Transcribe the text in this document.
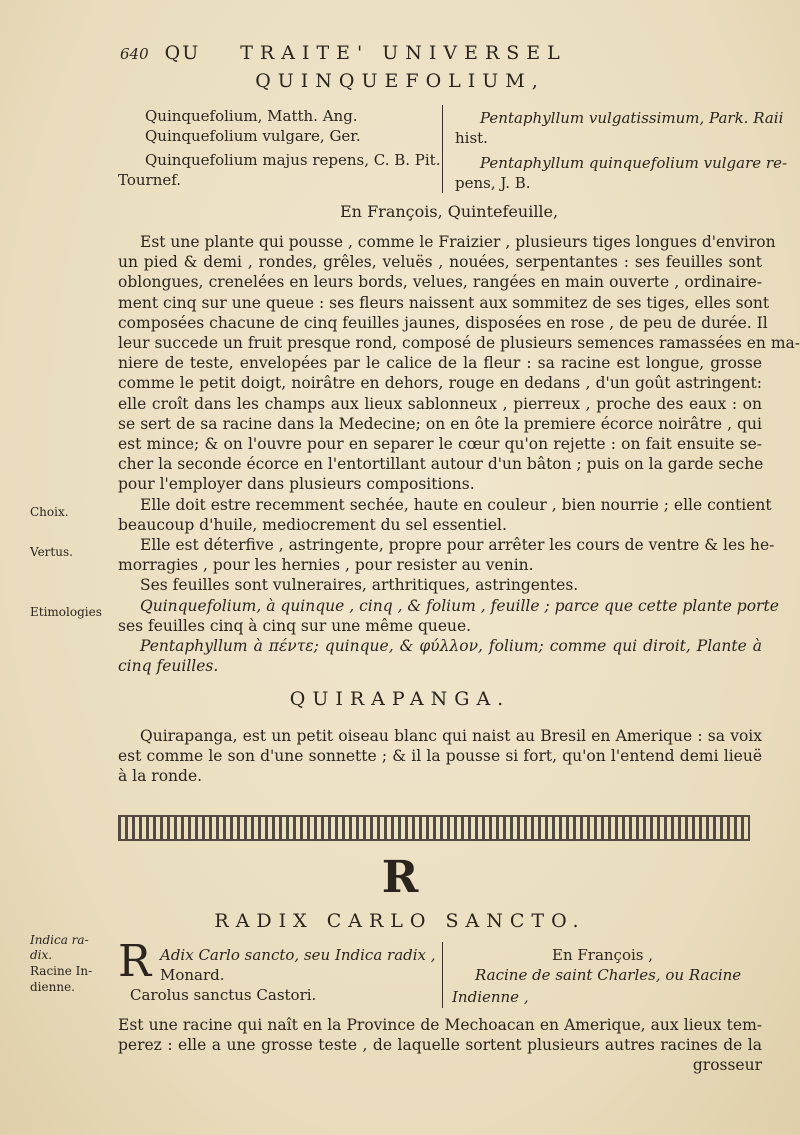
640 QU TRAITE' UNIVERSEL
QUINQUEFOLIUM,
Quinquefolium, Matth. Ang.
Quinquefolium vulgare, Ger.
Quinquefolium majus repens, C. B. Pit.
Tournef.
Pentaphyllum vulgatissimum, Park. Raii
hist.
Pentaphyllum quinquefolium vulgare re-
pens, J. B.
En François, Quintefeuille,
Est une plante qui pousse , comme le Fraizier , plusieurs tiges longues d'environ
un pied & demi , rondes, grêles, veluës , nouées, serpentantes : ses feuilles sont
oblongues, crenelées en leurs bords, velues, rangées en main ouverte , ordinaire-
ment cinq sur une queue : ses fleurs naissent aux sommitez de ses tiges, elles sont
composées chacune de cinq feuilles jaunes, disposées en rose , de peu de durée. Il
leur succede un fruit presque rond, composé de plusieurs semences ramassées en ma-
niere de teste, envelopées par le calice de la fleur : sa racine est longue, grosse
comme le petit doigt, noirâtre en dehors, rouge en dedans , d'un goût astringent:
elle croît dans les champs aux lieux sablonneux , pierreux , proche des eaux : on
se sert de sa racine dans la Medecine; on en ôte la premiere écorce noirâtre , qui
est mince; & on l'ouvre pour en separer le cœur qu'on rejette : on fait ensuite se-
cher la seconde écorce en l'entortillant autour d'un bâton ; puis on la garde seche
pour l'employer dans plusieurs compositions.
Elle doit estre recemment sechée, haute en couleur , bien nourrie ; elle contient
beaucoup d'huile, mediocrement du sel essentiel.
Elle est déterfive , astringente, propre pour arrêter les cours de ventre & les he-
morragies , pour les hernies , pour resister au venin.
Ses feuilles sont vulneraires, arthritiques, astringentes.
Quinquefolium, à quinque , cinq , & folium , feuille ; parce que cette plante porte
ses feuilles cinq à cinq sur une même queue.
Pentaphyllum à πέντε; quinque, & φύλλον, folium; comme qui diroit, Plante à
cinq feuilles.
Choix.
Vertus.
Etimologies
QUIRAPANGA.
Quirapanga, est un petit oiseau blanc qui naist au Bresil en Amerique : sa voix
est comme le son d'une sonnette ; & il la pousse si fort, qu'on l'entend demi lieuë
à la ronde.
R
RADIX CARLO SANCTO.
Indica ra-
dix.
Racine In-
dienne. R Adix Carlo sancto, seu Indica radix ,
Monard.
Carolus sanctus Castori.
En François ,
Racine de saint Charles, ou Racine
Indienne ,
Est une racine qui naît en la Province de Mechoacan en Amerique, aux lieux tem-
perez : elle a une grosse teste , de laquelle sortent plusieurs autres racines de la
grosseur
